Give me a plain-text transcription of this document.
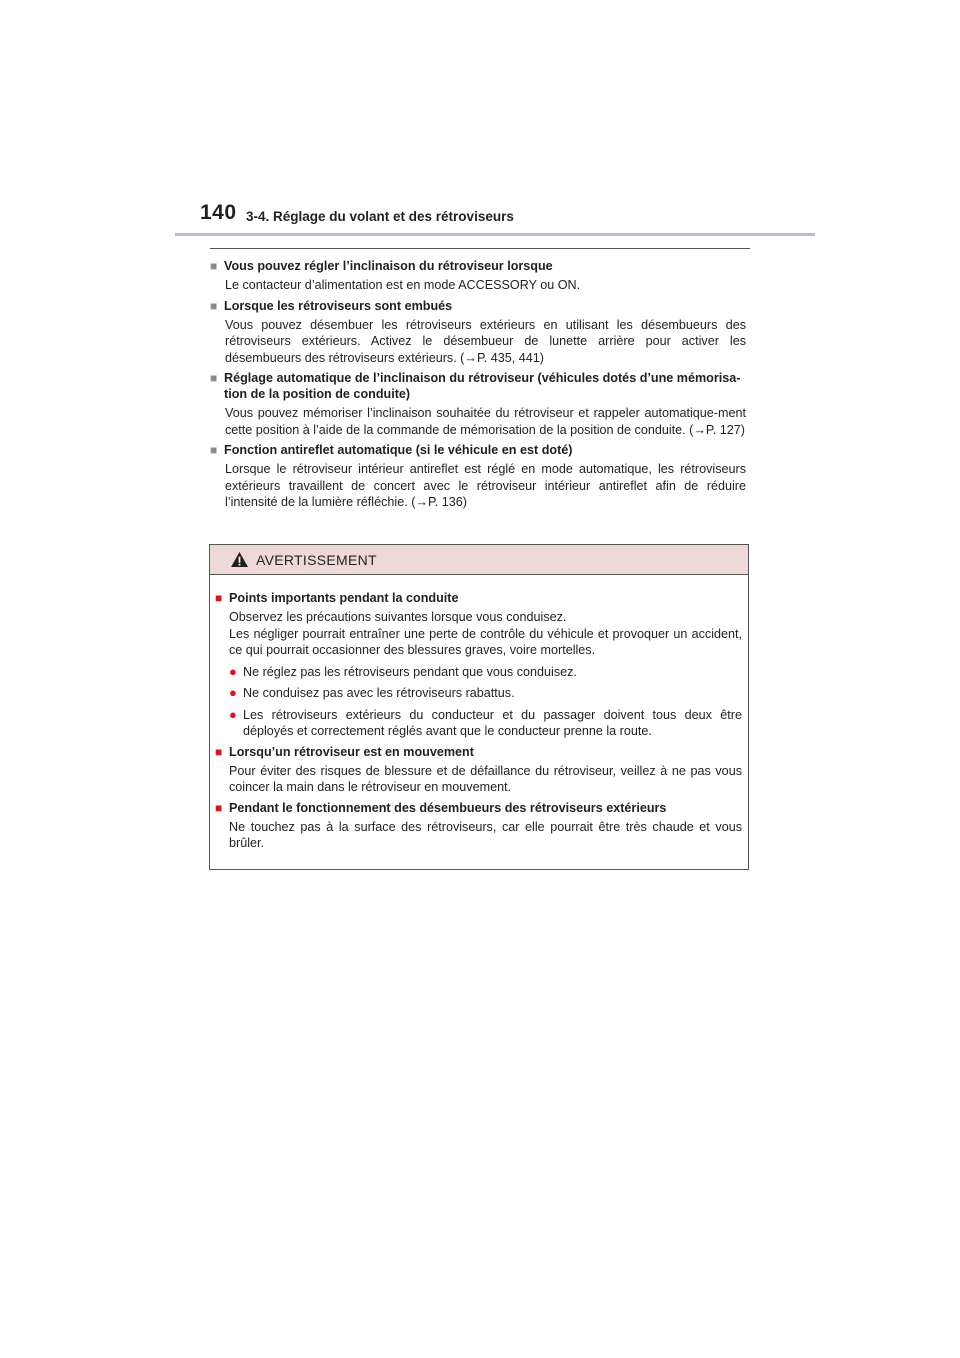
140 3-4. Réglage du volant et des rétroviseurs
■ Vous pouvez régler l’inclinaison du rétroviseur lorsque
Le contacteur d’alimentation est en mode ACCESSORY ou ON.
■ Lorsque les rétroviseurs sont embués
Vous pouvez désembuer les rétroviseurs extérieurs en utilisant les désembueurs des rétroviseurs extérieurs. Activez le désembueur de lunette arrière pour activer les désembueurs des rétroviseurs extérieurs. (→P. 435, 441)
■ Réglage automatique de l’inclinaison du rétroviseur (véhicules dotés d’une mémorisa-tion de la position de conduite)
Vous pouvez mémoriser l’inclinaison souhaitée du rétroviseur et rappeler automatique-ment cette position à l’aide de la commande de mémorisation de la position de conduite. (→P. 127)
■ Fonction antireflet automatique (si le véhicule en est doté)
Lorsque le rétroviseur intérieur antireflet est réglé en mode automatique, les rétroviseurs extérieurs travaillent de concert avec le rétroviseur intérieur antireflet afin de réduire l’intensité de la lumière réfléchie. (→P. 136)
AVERTISSEMENT
■ Points importants pendant la conduite
Observez les précautions suivantes lorsque vous conduisez.
Les négliger pourrait entraîner une perte de contrôle du véhicule et provoquer un accident, ce qui pourrait occasionner des blessures graves, voire mortelles.
● Ne réglez pas les rétroviseurs pendant que vous conduisez.
● Ne conduisez pas avec les rétroviseurs rabattus.
● Les rétroviseurs extérieurs du conducteur et du passager doivent tous deux être déployés et correctement réglés avant que le conducteur prenne la route.
■ Lorsqu’un rétroviseur est en mouvement
Pour éviter des risques de blessure et de défaillance du rétroviseur, veillez à ne pas vous coincer la main dans le rétroviseur en mouvement.
■ Pendant le fonctionnement des désembueurs des rétroviseurs extérieurs
Ne touchez pas à la surface des rétroviseurs, car elle pourrait être très chaude et vous brûler.
